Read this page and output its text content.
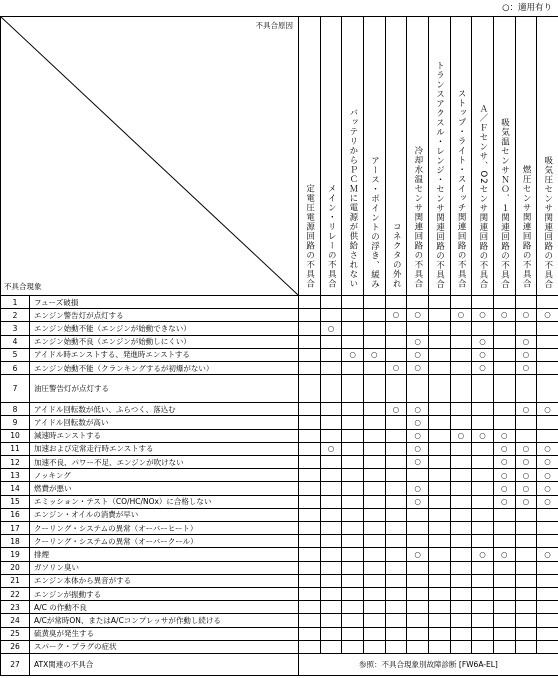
○：適用有り
不具合原因
不具合現象		定電圧電源回路の不具合	メイン・リレーの不具合	バッテリからＰＣＭに電源が供給されない	アース・ポイントの浮き、緩み	コネクタの外れ	冷却水温センサ関連回路の不具合	トランスアクスル・レンジ・センサ関連回路の不具合	ストップ・ライト・スイッチ関連回路の不具合	Ａ／Ｆセンサ、O2センサ関連回路の不具合	吸気温センサＮＯ．１関連回路の不具合	燃圧センサ関連回路の不具合	吸気圧センサ関連回路の不具合
1	フューズ破損												
2	エンジン警告灯が点灯する					○	○		○	○	○	○	○
3	エンジン始動不能（エンジンが始動できない）		○										
4	エンジン始動不良（エンジンが始動しにくい）						○			○		○	
5	アイドル時エンストする、発進時エンストする			○	○		○			○		○	
6	エンジン始動不能（クランキングするが初爆がない）					○	○			○		○	
7	油圧警告灯が点灯する												
8	アイドル回転数が低い、ふらつく、落込む					○	○					○	○
9	アイドル回転数が高い						○						
10	減速時エンストする						○		○	○	○		
11	加速および定常走行時エンストする		○				○				○	○	○
12	加速不良、パワー不足、エンジンが吹けない						○				○	○	○
13	ノッキング										○	○	○
14	燃費が悪い						○				○	○	○
15	エミッション・テスト（CO/HC/NOx）に合格しない						○				○	○	○
16	エンジン・オイルの消費が早い												
17	クーリング・システムの異常（オーバーヒート）												
18	クーリング・システムの異常（オーバークール）												
19	排煙						○			○	○		○
20	ガソリン臭い												
21	エンジン本体から異音がする												
22	エンジンが振動する												
23	A/C の作動不良												
24	A/Cが常時ON、またはA/Cコンプレッサが作動し続ける												
25	硫黄臭が発生する												
26	スパーク・プラグの症状												
27	ATX関連の不具合	参照：不具合現象別故障診断 [FW6A-EL]											
